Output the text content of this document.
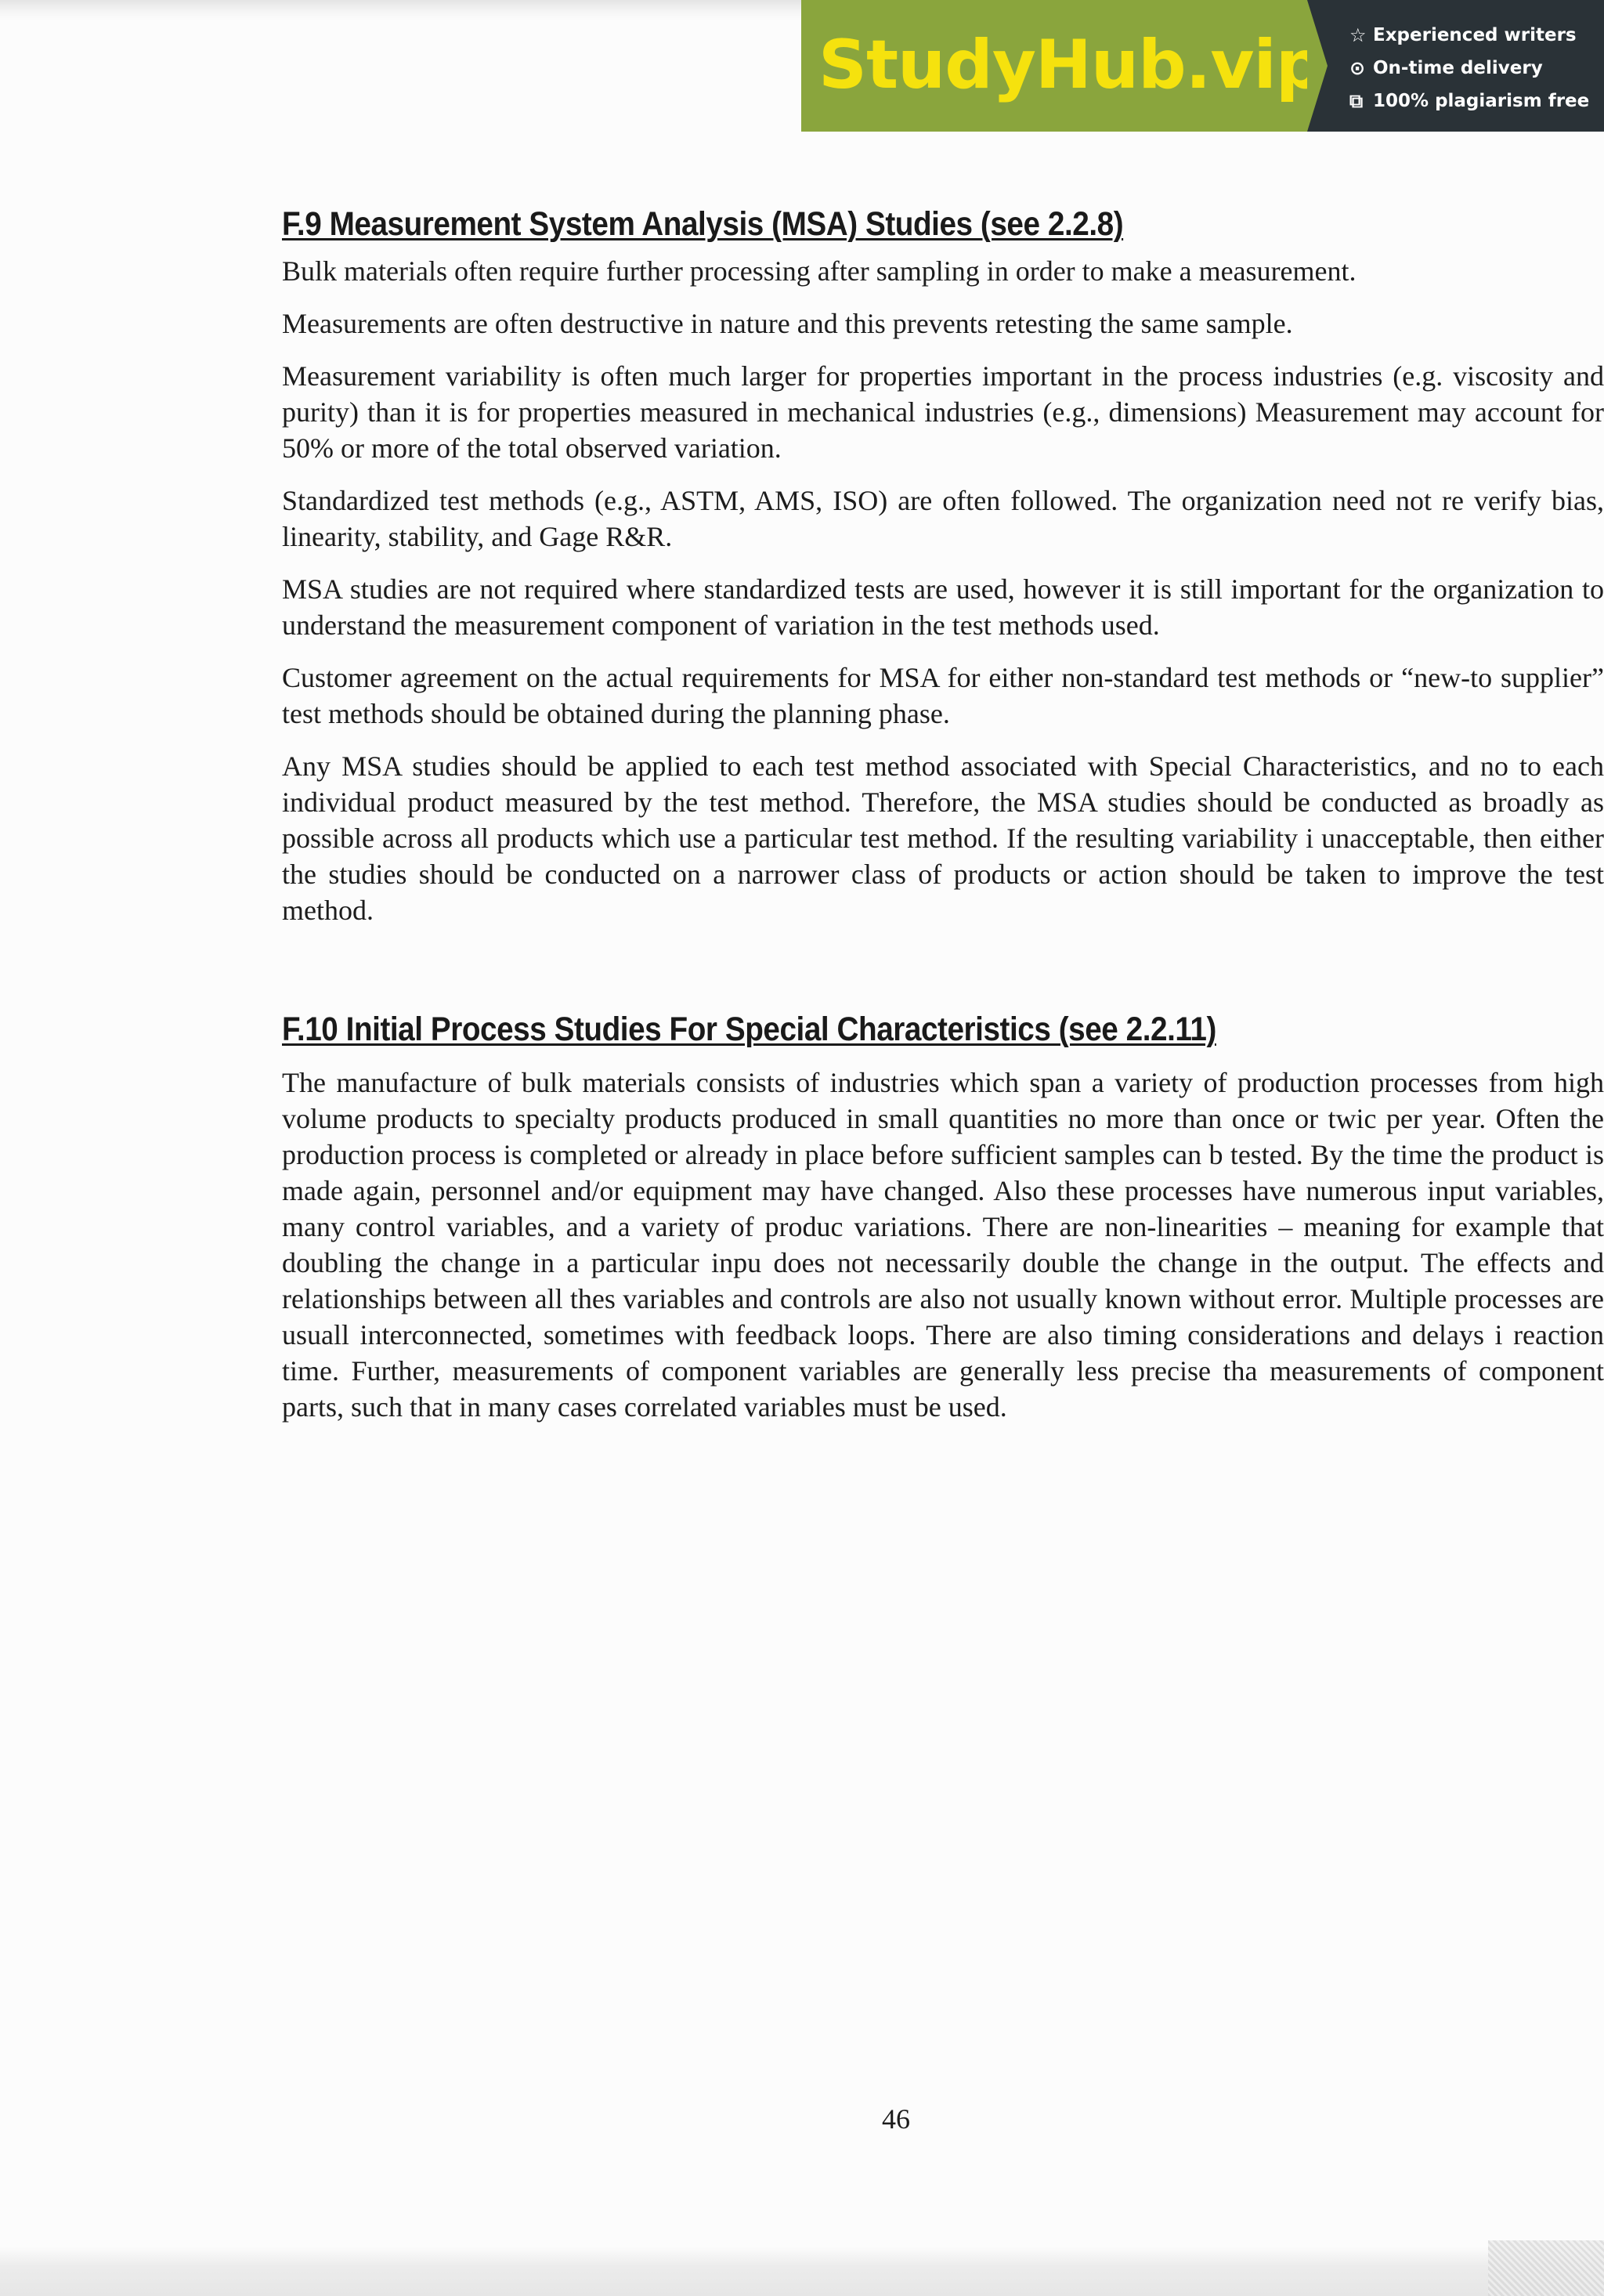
StudyHub.vip ☆ Experienced writers
⊙ On-time delivery
⧉ 100% plagiarism free
F.9 Measurement System Analysis (MSA) Studies (see 2.2.8)

Bulk materials often require further processing after sampling in order to make a measurement.

Measurements are often destructive in nature and this prevents retesting the same sample.

Measurement variability is often much larger for properties important in the process industries (e.g. viscosity and purity) than it is for properties measured in mechanical industries (e.g., dimensions) Measurement may account for 50% or more of the total observed variation.

Standardized test methods (e.g., ASTM, AMS, ISO) are often followed. The organization need not re verify bias, linearity, stability, and Gage R&R.

MSA studies are not required where standardized tests are used, however it is still important for the organization to understand the measurement component of variation in the test methods used.

Customer agreement on the actual requirements for MSA for either non-standard test methods or “new-to supplier” test methods should be obtained during the planning phase.

Any MSA studies should be applied to each test method associated with Special Characteristics, and no to each individual product measured by the test method. Therefore, the MSA studies should be conducted as broadly as possible across all products which use a particular test method. If the resulting variability i unacceptable, then either the studies should be conducted on a narrower class of products or action should be taken to improve the test method.

F.10 Initial Process Studies For Special Characteristics (see 2.2.11)

The manufacture of bulk materials consists of industries which span a variety of production processes from high volume products to specialty products produced in small quantities no more than once or twic per year. Often the production process is completed or already in place before sufficient samples can b tested. By the time the product is made again, personnel and/or equipment may have changed. Also these processes have numerous input variables, many control variables, and a variety of produc variations. There are non-linearities – meaning for example that doubling the change in a particular inpu does not necessarily double the change in the output. The effects and relationships between all thes variables and controls are also not usually known without error. Multiple processes are usuall interconnected, sometimes with feedback loops. There are also timing considerations and delays i reaction time. Further, measurements of component variables are generally less precise tha measurements of component parts, such that in many cases correlated variables must be used.

46
